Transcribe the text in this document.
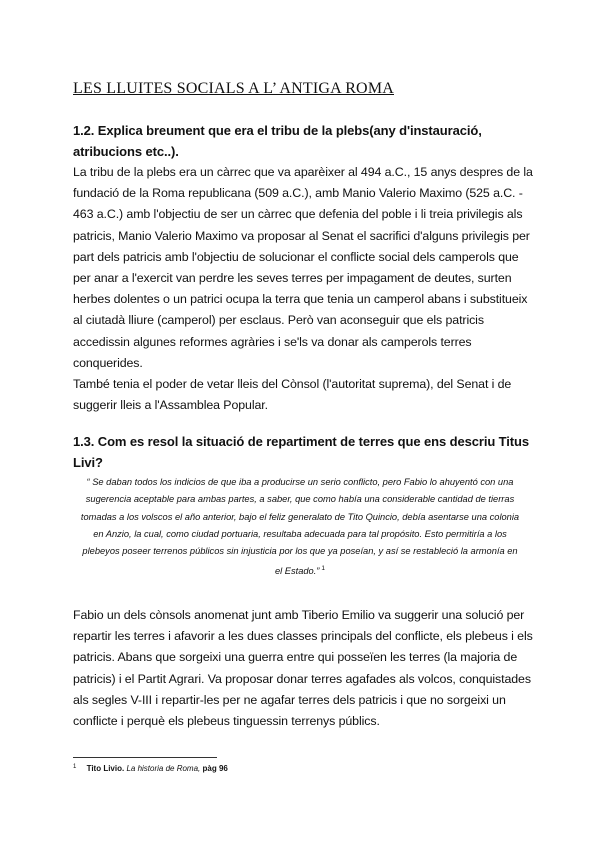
LES LLUITES SOCIALS A L’ ANTIGA ROMA
1.2. Explica breument que era el tribu de la plebs(any d'instauració, atribucions etc..).

La tribu de la plebs era un càrrec que va aparèixer al 494 a.C., 15 anys despres de la fundació de la Roma republicana (509 a.C.), amb Manio Valerio Maximo (525 a.C. - 463 a.C.) amb l'objectiu de ser un càrrec que defenia del poble i li treia privilegis als patricis, Manio Valerio Maximo va proposar al Senat el sacrifici d'alguns privilegis per part dels patricis amb l'objectiu de solucionar el conflicte social dels camperols que per anar a l'exercit van perdre les seves terres per impagament de deutes, surten herbes dolentes o un patrici ocupa la terra que tenia un camperol abans i substitueix al ciutadà lliure (camperol) per esclaus. Però van aconseguir que els patricis accedissin algunes reformes agràries i se'ls va donar als camperols terres conquerides.

També tenia el poder de vetar lleis del Cònsol (l'autoritat suprema), del Senat i de suggerir lleis a l'Assamblea Popular.

1.3. Com es resol la situació de repartiment de terres que ens descriu Titus Livi?

“ Se daban todos los indicios de que iba a producirse un serio conflicto, pero Fabio lo ahuyentó con una sugerencia aceptable para ambas partes, a saber, que como había una considerable cantidad de tierras tomadas a los volscos el año anterior, bajo el feliz generalato de Tito Quincio, debía asentarse una colonia en Anzio, la cual, como ciudad portuaria, resultaba adecuada para tal propósito. Esto permitiría a los plebeyos poseer terrenos públicos sin injusticia por los que ya poseían, y así se restableció la armonía en el Estado.” $^1$

Fabio un dels cònsols anomenat junt amb Tiberio Emilio va suggerir una solució per repartir les terres i afavorir a les dues classes principals del conflicte, els plebeus i els patricis. Abans que sorgeixi una guerra entre qui posseïen les terres (la majoria de patricis) i el Partit Agrari. Va proposar donar terres agafades als volcos, conquistades als segles V-III i repartir-les per ne agafar terres dels patricis i que no sorgeixi un conflicte i perquè els plebeus tinguessin terrenys públics.

$^1$ Tito Livio. La historia de Roma, pàg 96
